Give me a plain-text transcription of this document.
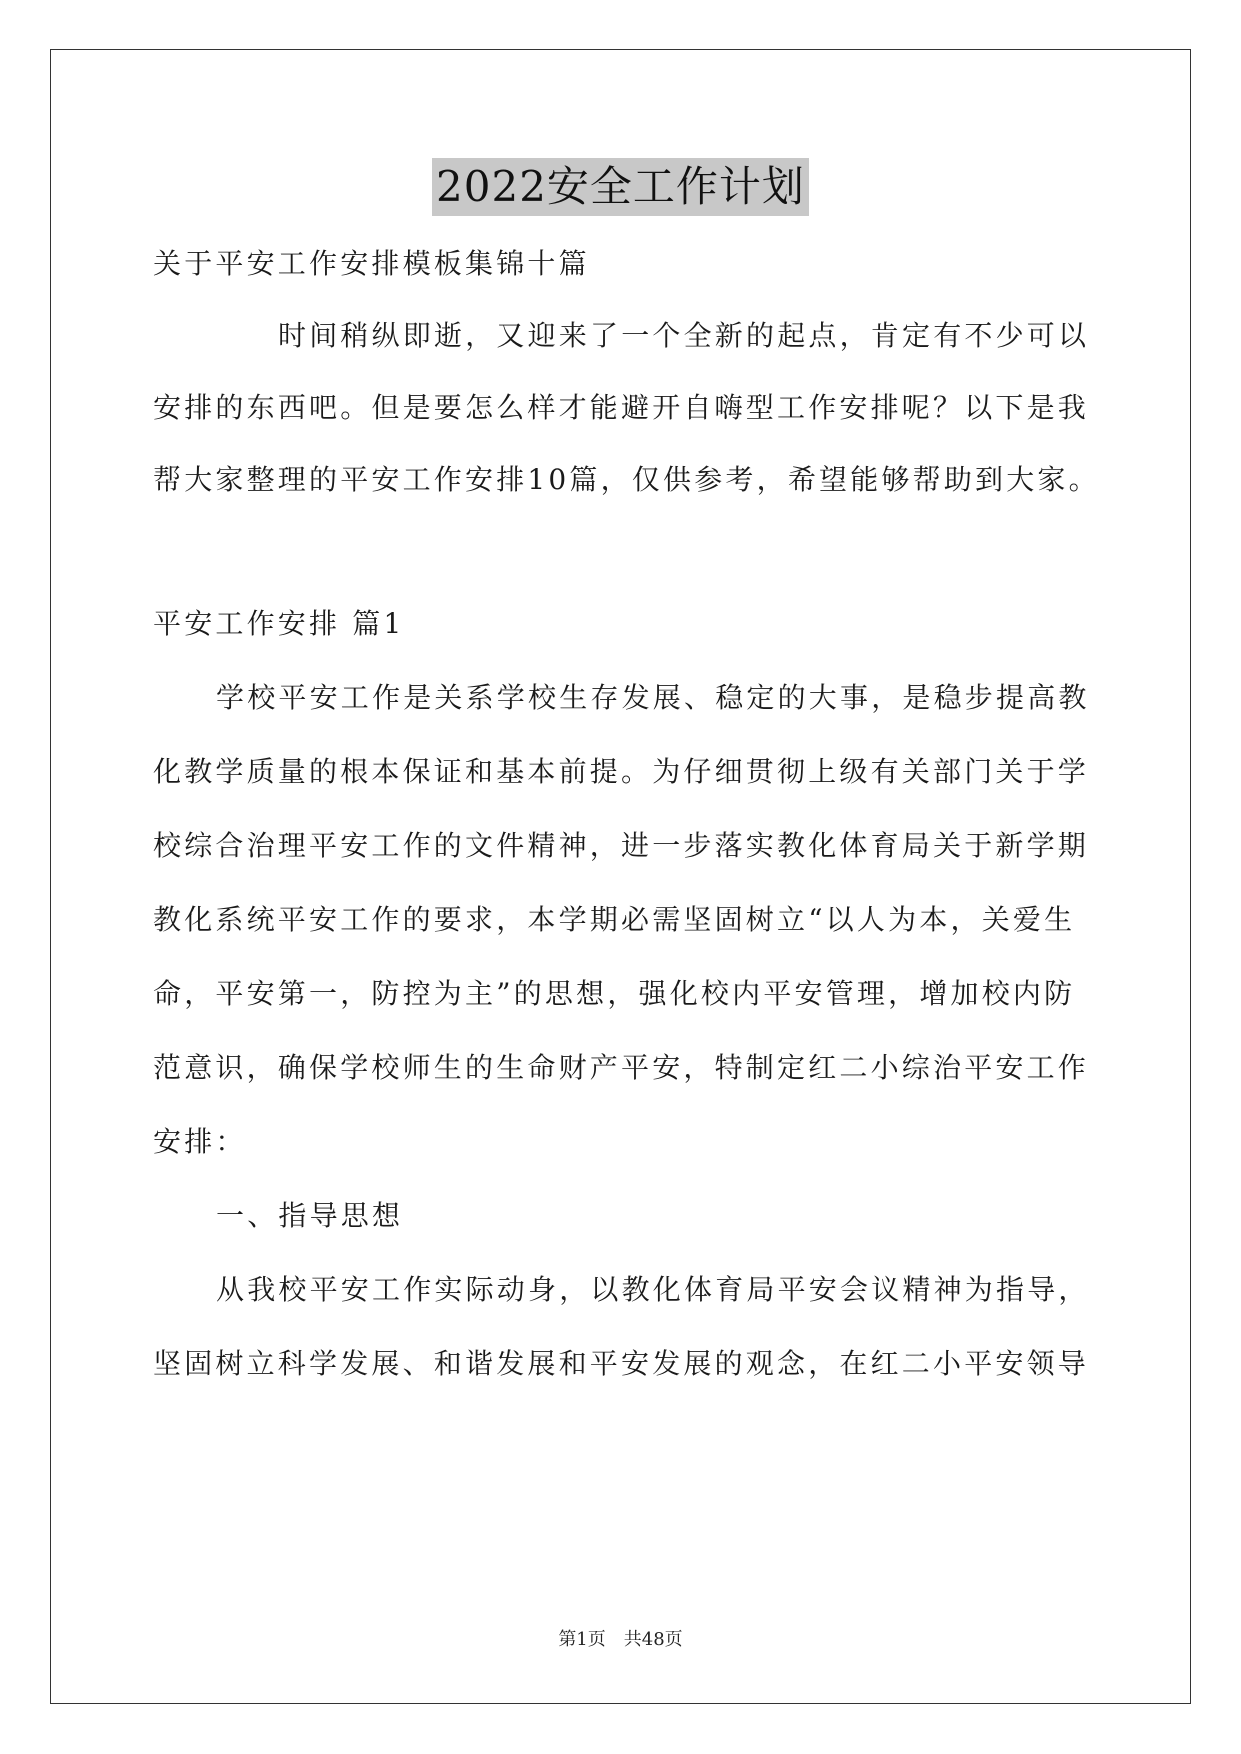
2022安全工作计划
关于平安工作安排模板集锦十篇
时间稍纵即逝，又迎来了一个全新的起点，肯定有不少可以
安排的东西吧。但是要怎么样才能避开自嗨型工作安排呢？以下是我
帮大家整理的平安工作安排10篇，仅供参考，希望能够帮助到大家。
平安工作安排 篇1
学校平安工作是关系学校生存发展、稳定的大事，是稳步提高教
化教学质量的根本保证和基本前提。为仔细贯彻上级有关部门关于学
校综合治理平安工作的文件精神，进一步落实教化体育局关于新学期
教化系统平安工作的要求，本学期必需坚固树立“以人为本，关爱生
命，平安第一，防控为主”的思想，强化校内平安管理，增加校内防
范意识，确保学校师生的生命财产平安，特制定红二小综治平安工作
安排：
一、指导思想
从我校平安工作实际动身，以教化体育局平安会议精神为指导，
坚固树立科学发展、和谐发展和平安发展的观念，在红二小平安领导
第1页　共48页
